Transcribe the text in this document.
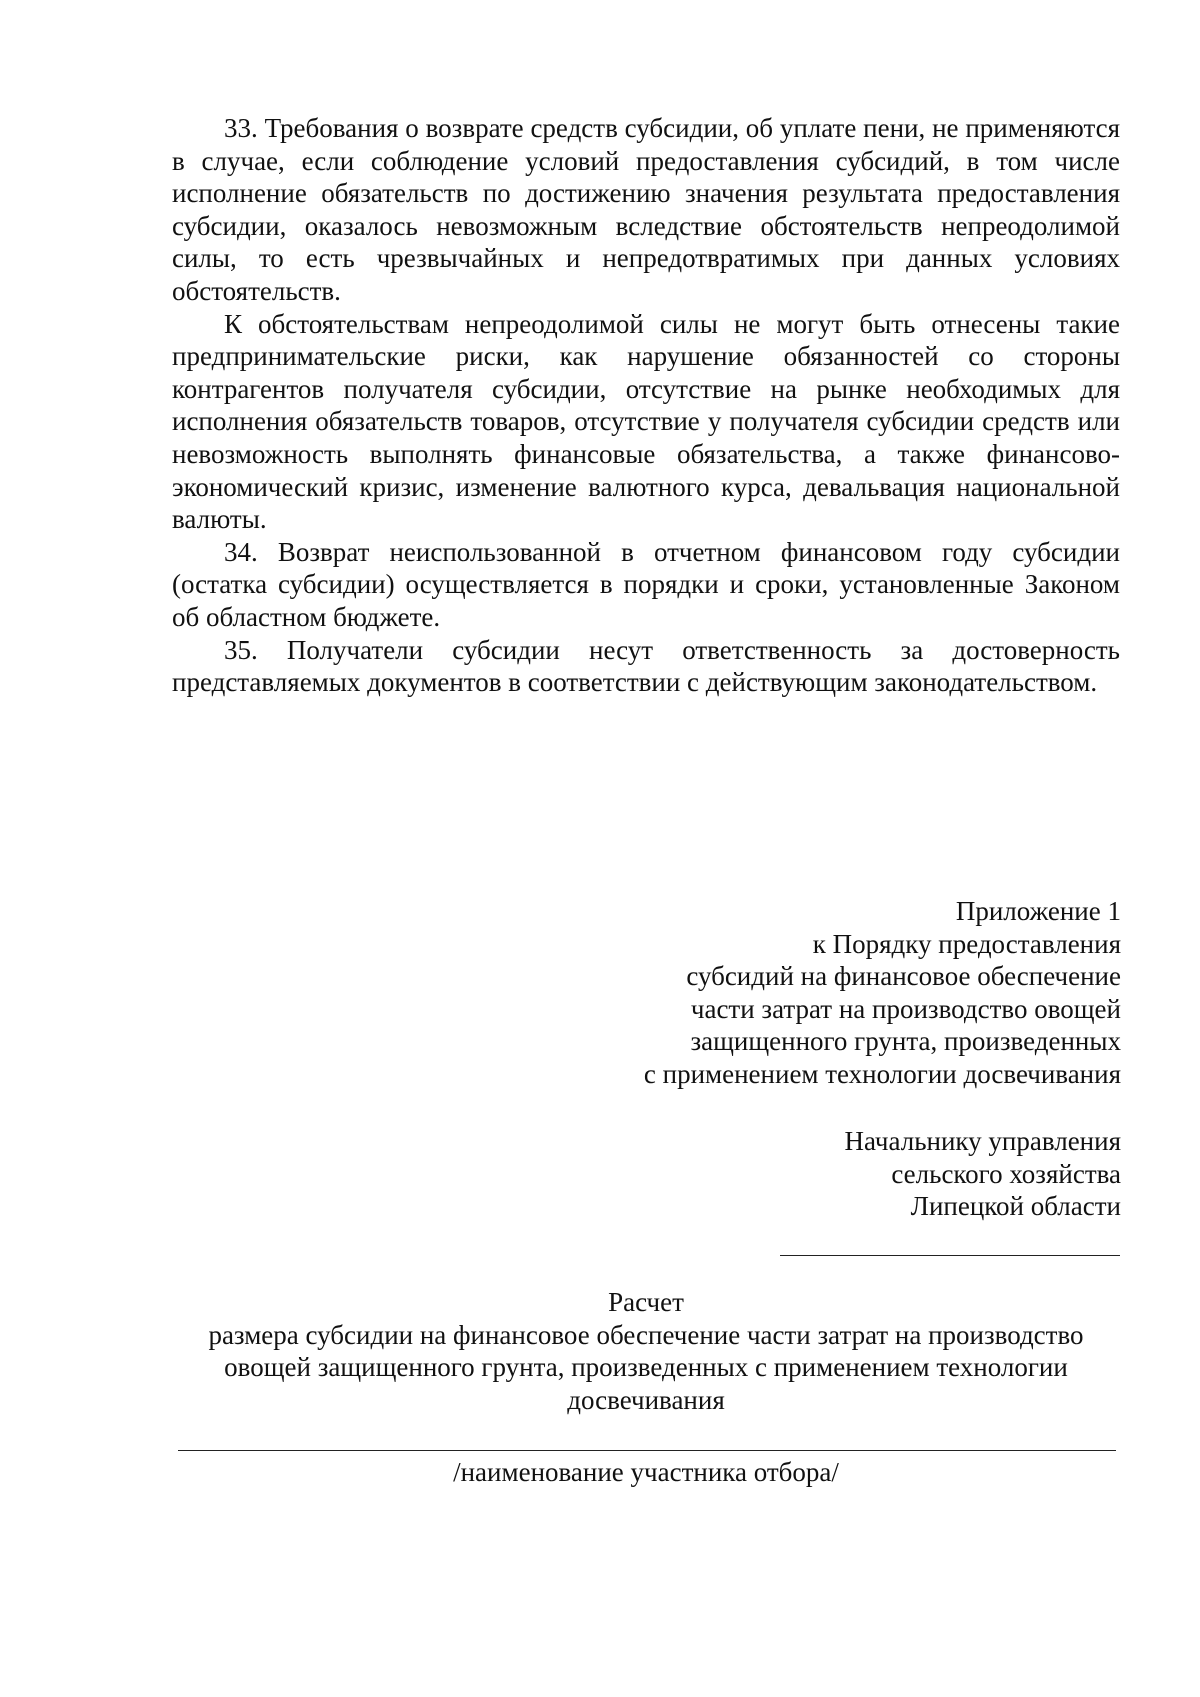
33. Требования о возврате средств субсидии, об уплате пени, не применяются в случае, если соблюдение условий предоставления субсидий, в том числе исполнение обязательств по достижению значения результата предоставления субсидии, оказалось невозможным вследствие обстоятельств непреодолимой силы, то есть чрезвычайных и непредотвратимых при данных условиях обстоятельств.

К обстоятельствам непреодолимой силы не могут быть отнесены такие предпринимательские риски, как нарушение обязанностей со стороны контрагентов получателя субсидии, отсутствие на рынке необходимых для исполнения обязательств товаров, отсутствие у получателя субсидии средств или невозможность выполнять финансовые обязательства, а также финансово-экономический кризис, изменение валютного курса, девальвация национальной валюты.

34. Возврат неиспользованной в отчетном финансовом году субсидии (остатка субсидии) осуществляется в порядки и сроки, установленные Законом об областном бюджете.

35. Получатели субсидии несут ответственность за достоверность представляемых документов в соответствии с действующим законодательством.

Приложение 1
к Порядку предоставления
субсидий на финансовое обеспечение
части затрат на производство овощей
защищенного грунта, произведенных
с применением технологии досвечивания
Начальнику управления
сельского хозяйства
Липецкой области
Расчет
размера субсидии на финансовое обеспечение части затрат на производство
овощей защищенного грунта, произведенных с применением технологии
досвечивания
/наименование участника отбора/
